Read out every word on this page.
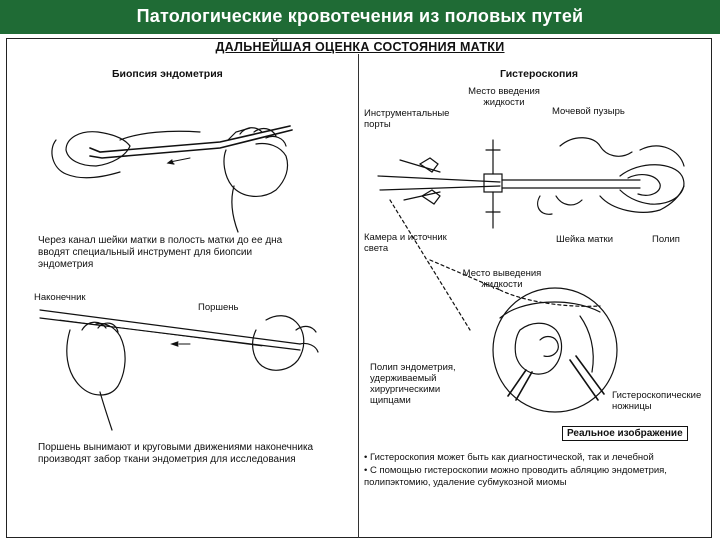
Патологические кровотечения из половых путей
ДАЛЬНЕЙШАЯ ОЦЕНКА СОСТОЯНИЯ МАТКИ
Биопсия эндометрия
Через канал шейки матки в полость матки до ее дна вводят специальный инструмент для биопсии эндометрия
Наконечник
Поршень
Поршень вынимают и круговыми движениями наконечника производят забор ткани эндометрия для исследования
Гистероскопия
Место введения жидкости
Инструментальные порты
Мочевой пузырь
Камера и источник света
Шейка матки	Полип
Место выведения жидкости
Полип эндометрия, удерживаемый хирургическими щипцами	Гистероскопические ножницы
Реальное изображение
• Гистероскопия может быть как диагностической, так и лечебной
• С помощью гистероскопии можно проводить абляцию эндометрия, полипэктомию, удаление субмукозной миомы
